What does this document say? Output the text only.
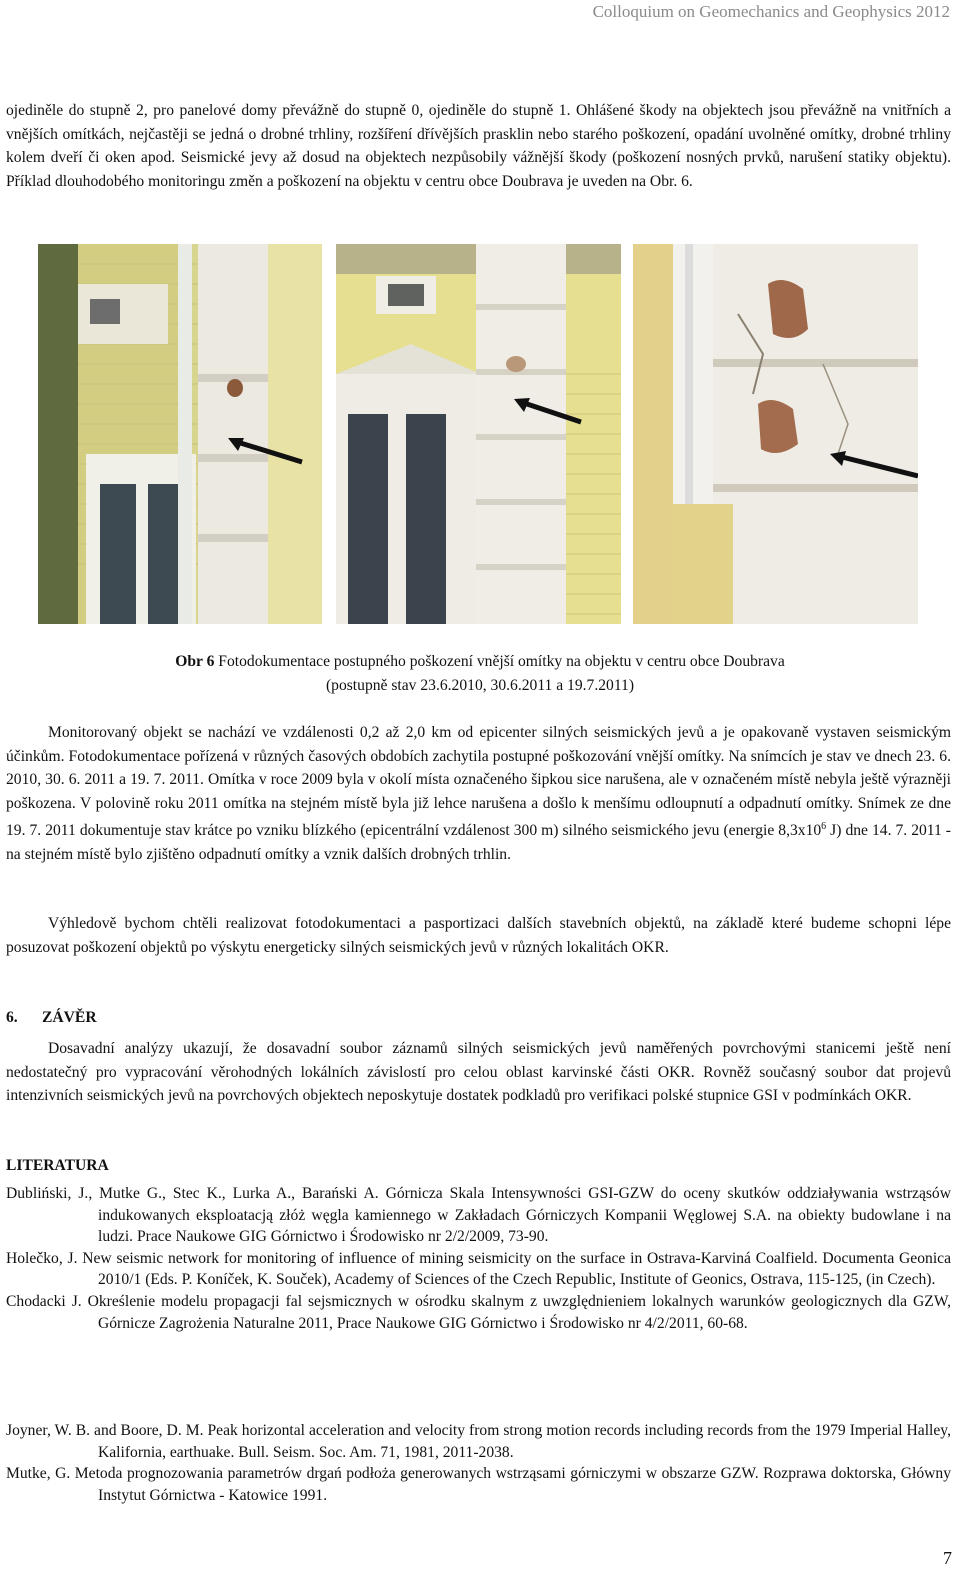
Colloquium on Geomechanics and Geophysics 2012

ojediněle do stupně 2, pro panelové domy převážně do stupně 0, ojediněle do stupně 1. Ohlášené škody na objektech jsou převážně na vnitřních a vnějších omítkách, nejčastěji se jedná o drobné trhliny, rozšíření dřívějších prasklin nebo starého poškození, opadání uvolněné omítky, drobné trhliny kolem dveří či oken apod. Seismické jevy až dosud na objektech nezpůsobily vážnější škody (poškození nosných prvků, narušení statiky objektu). Příklad dlouhodobého monitoringu změn a poškození na objektu v centru obce Doubrava je uveden na Obr. 6.

Obr 6 Fotodokumentace postupného poškození vnější omítky na objektu v centru obce Doubrava
(postupně stav 23.6.2010, 30.6.2011 a 19.7.2011)

Monitorovaný objekt se nachází ve vzdálenosti 0,2 až 2,0 km od epicenter silných seismických jevů a je opakovaně vystaven seismickým účinkům. Fotodokumentace pořízená v různých časových obdobích zachytila postupné poškozování vnější omítky. Na snímcích je stav ve dnech 23. 6. 2010, 30. 6. 2011 a 19. 7. 2011. Omítka v roce 2009 byla v okolí místa označeného šipkou sice narušena, ale v označeném místě nebyla ještě výrazněji poškozena. V polovině roku 2011 omítka na stejném místě byla již lehce narušena a došlo k menšímu odloupnutí a odpadnutí omítky. Snímek ze dne 19. 7. 2011 dokumentuje stav krátce po vzniku blízkého (epicentrální vzdálenost 300 m) silného seismického jevu (energie $8,3x10^6$ J) dne 14. 7. 2011 - na stejném místě bylo zjištěno odpadnutí omítky a vznik dalších drobných trhlin.

Výhledově bychom chtěli realizovat fotodokumentaci a pasportizaci dalších stavebních objektů, na základě které budeme schopni lépe posuzovat poškození objektů po výskytu energeticky silných seismických jevů v různých lokalitách OKR.

6. ZÁVĚR

Dosavadní analýzy ukazují, že dosavadní soubor záznamů silných seismických jevů naměřených povrchovými stanicemi ještě není nedostatečný pro vypracování věrohodných lokálních závislostí pro celou oblast karvinské části OKR. Rovněž současný soubor dat projevů intenzivních seismických jevů na povrchových objektech neposkytuje dostatek podkladů pro verifikaci polské stupnice GSI v podmínkách OKR.

LITERATURA

Dubliński, J., Mutke G., Stec K., Lurka A., Barański A. Górnicza Skala Intensywności GSI-GZW do oceny skutków oddziaływania wstrząsów indukowanych eksploatacją złóż węgla kamiennego w Zakładach Górniczych Kompanii Węglowej S.A. na obiekty budowlane i na ludzi. Prace Naukowe GIG Górnictwo i Środowisko nr 2/2/2009, 73-90.

Holečko, J. New seismic network for monitoring of influence of mining seismicity on the surface in Ostrava-Karviná Coalfield. Documenta Geonica 2010/1 (Eds. P. Koníček, K. Souček), Academy of Sciences of the Czech Republic, Institute of Geonics, Ostrava, 115-125, (in Czech).

Chodacki J. Określenie modelu propagacji fal sejsmicznych w ośrodku skalnym z uwzględnieniem lokalnych warunków geologicznych dla GZW, Górnicze Zagrożenia Naturalne 2011, Prace Naukowe GIG Górnictwo i Środowisko nr 4/2/2011, 60-68.

Joyner, W. B. and Boore, D. M. Peak horizontal acceleration and velocity from strong motion records including records from the 1979 Imperial Halley, Kalifornia, earthuake. Bull. Seism. Soc. Am. 71, 1981, 2011-2038.

Mutke, G. Metoda prognozowania parametrów drgań podłoża generowanych wstrząsami górniczymi w obszarze GZW. Rozprawa doktorska, Główny Instytut Górnictwa - Katowice 1991.

7
